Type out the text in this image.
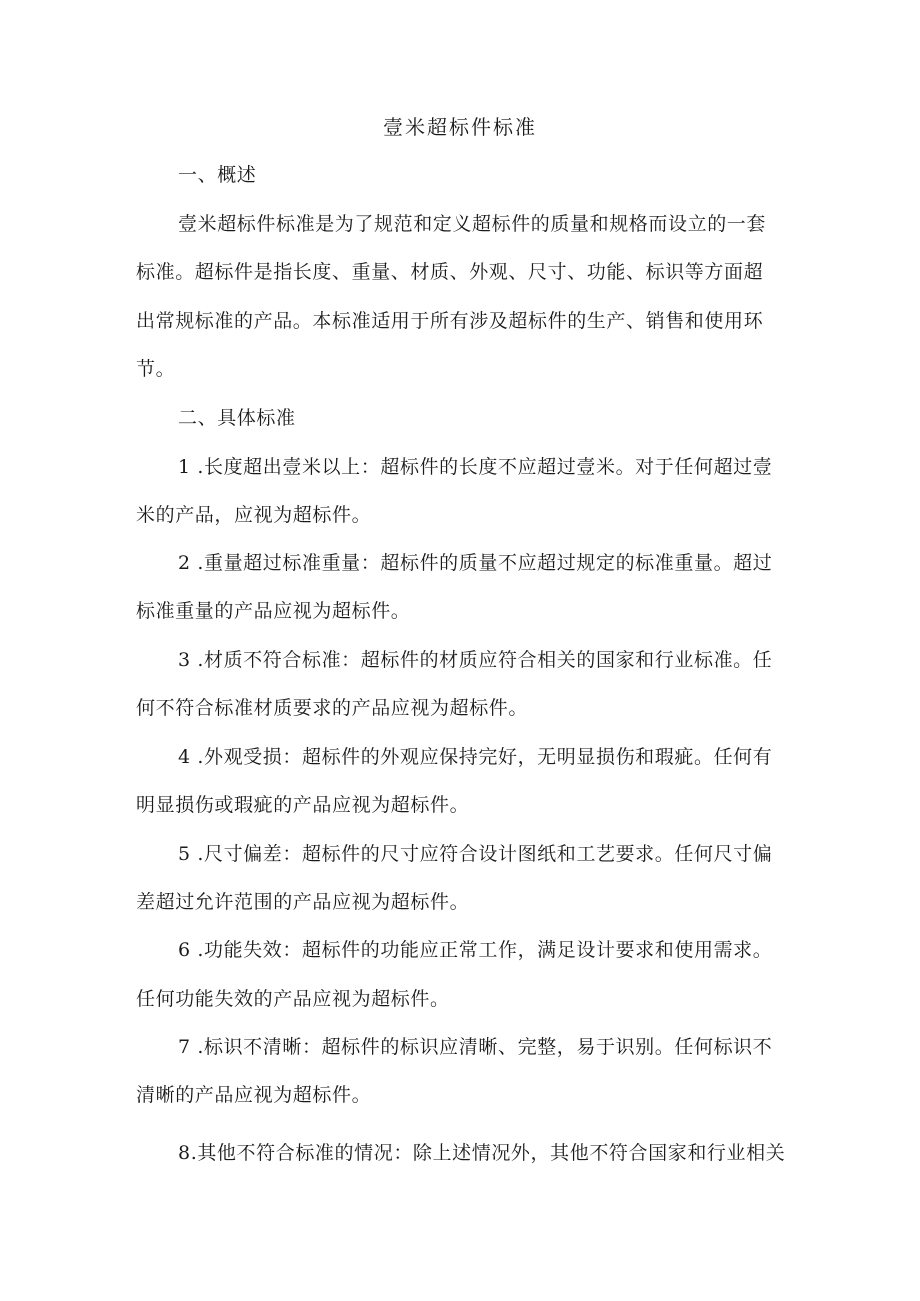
壹米超标件标准
一、概述
壹米超标件标准是为了规范和定义超标件的质量和规格而设立的一套
标准。超标件是指长度、重量、材质、外观、尺寸、功能、标识等方面超
出常规标准的产品。本标准适用于所有涉及超标件的生产、销售和使用环
节。
二、具体标准
1 .长度超出壹米以上：超标件的长度不应超过壹米。对于任何超过壹
米的产品，应视为超标件。
2 .重量超过标准重量：超标件的质量不应超过规定的标准重量。超过
标准重量的产品应视为超标件。
3 .材质不符合标准：超标件的材质应符合相关的国家和行业标准。任
何不符合标准材质要求的产品应视为超标件。
4 .外观受损：超标件的外观应保持完好，无明显损伤和瑕疵。任何有
明显损伤或瑕疵的产品应视为超标件。
5 .尺寸偏差：超标件的尺寸应符合设计图纸和工艺要求。任何尺寸偏
差超过允许范围的产品应视为超标件。
6 .功能失效：超标件的功能应正常工作，满足设计要求和使用需求。
任何功能失效的产品应视为超标件。
7 .标识不清晰：超标件的标识应清晰、完整，易于识别。任何标识不
清晰的产品应视为超标件。
8.其他不符合标准的情况：除上述情况外，其他不符合国家和行业相关
